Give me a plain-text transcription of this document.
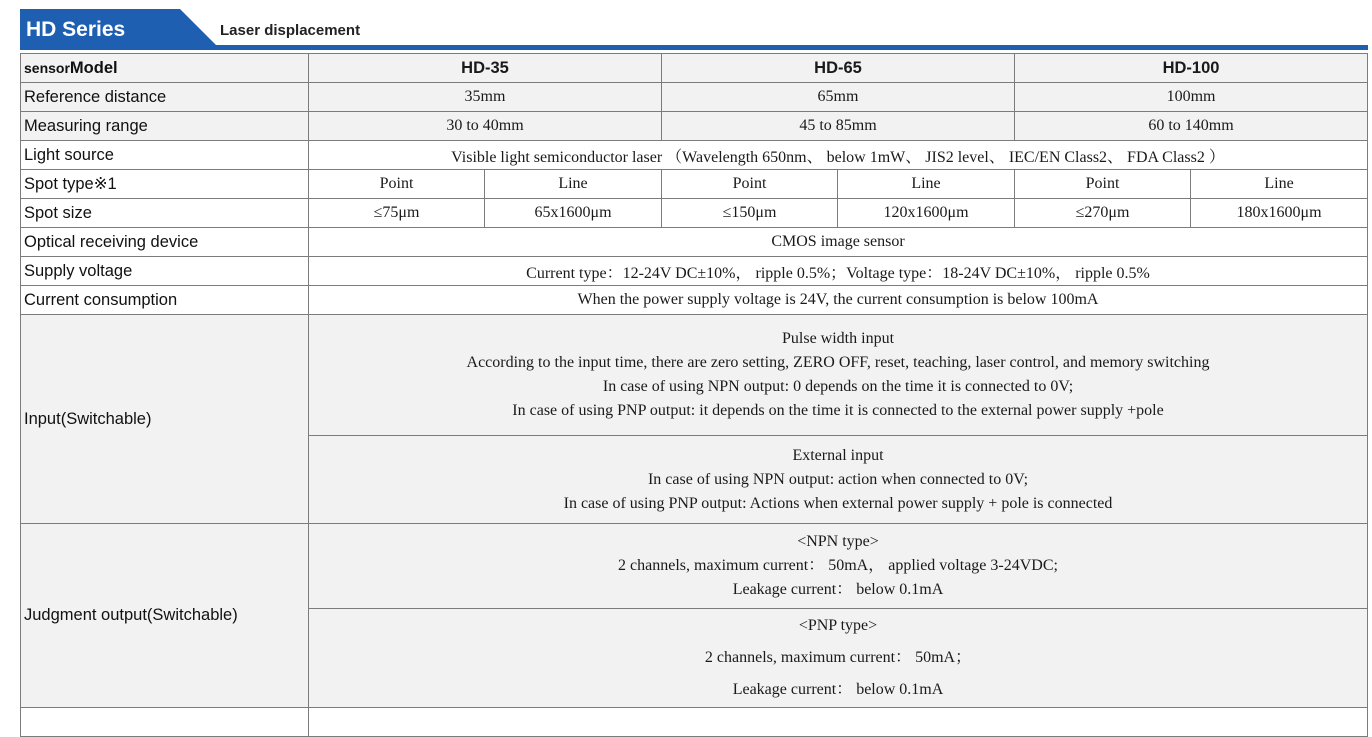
HD Series	Laser displacement
sensorModel	HD-35		HD-65		HD-100	
Reference distance	35mm		65mm		100mm	
Measuring range	30 to 40mm		45 to 85mm		60 to 140mm	
Light source	Visible light semiconductor laser （Wavelength 650nm、 below 1mW、 JIS2 level、 IEC/EN Class2、 FDA Class2 ）					
Spot type※1	Point	Line	Point	Line	Point	Line
Spot size	≤75μm	65x1600μm	≤150μm	120x1600μm	≤270μm	180x1600μm
Optical receiving device	CMOS image sensor					
Supply voltage	Current type：12-24V DC±10%， ripple 0.5%；Voltage type：18-24V DC±10%， ripple 0.5%					
Current consumption	When the power supply voltage is 24V, the current consumption is below 100mA					
Input(Switchable)	Pulse width input
According to the input time, there are zero setting, ZERO OFF, reset, teaching, laser control, and memory switching
In case of using NPN output: 0 depends on the time it is connected to 0V;
In case of using PNP output: it depends on the time it is connected to the external power supply +pole					

	External input
In case of using NPN output: action when connected to 0V;
In case of using PNP output: Actions when external power supply + pole is connected					

Judgment output(Switchable)	<NPN type>
2 channels, maximum current： 50mA， applied voltage 3-24VDC;
Leakage current： below 0.1mA					

	<PNP type>
2 channels, maximum current： 50mA；
Leakage current： below 0.1mA					
